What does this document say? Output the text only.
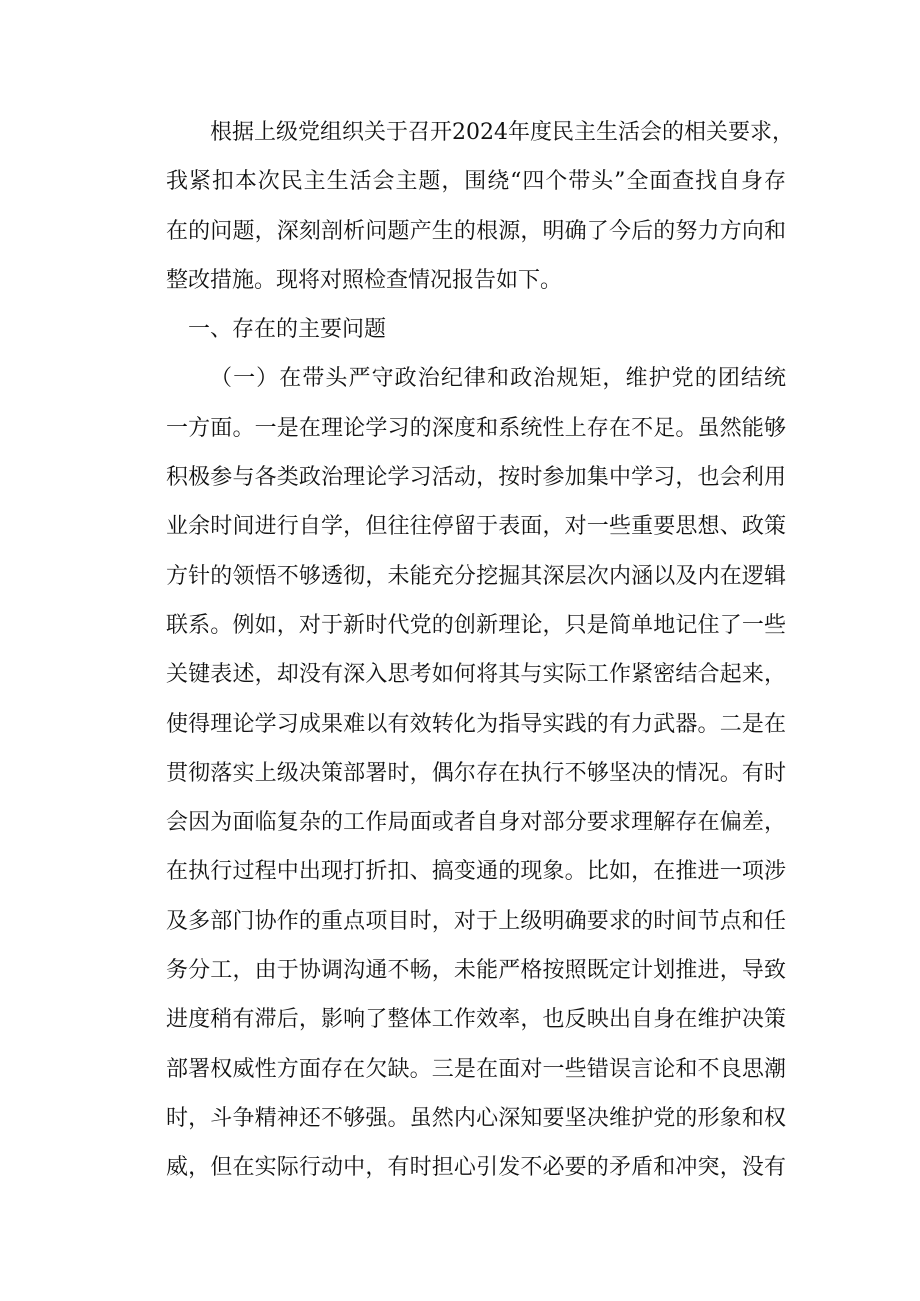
根据上级党组织关于召开2024年度民主生活会的相关要求，
我紧扣本次民主生活会主题，围绕“四个带头”全面查找自身存
在的问题，深刻剖析问题产生的根源，明确了今后的努力方向和
整改措施。现将对照检查情况报告如下。
一、存在的主要问题
（一）在带头严守政治纪律和政治规矩，维护党的团结统
一方面。一是在理论学习的深度和系统性上存在不足。虽然能够
积极参与各类政治理论学习活动，按时参加集中学习，也会利用
业余时间进行自学，但往往停留于表面，对一些重要思想、政策
方针的领悟不够透彻，未能充分挖掘其深层次内涵以及内在逻辑
联系。例如，对于新时代党的创新理论，只是简单地记住了一些
关键表述，却没有深入思考如何将其与实际工作紧密结合起来，
使得理论学习成果难以有效转化为指导实践的有力武器。二是在
贯彻落实上级决策部署时，偶尔存在执行不够坚决的情况。有时
会因为面临复杂的工作局面或者自身对部分要求理解存在偏差，
在执行过程中出现打折扣、搞变通的现象。比如，在推进一项涉
及多部门协作的重点项目时，对于上级明确要求的时间节点和任
务分工，由于协调沟通不畅，未能严格按照既定计划推进，导致
进度稍有滞后，影响了整体工作效率，也反映出自身在维护决策
部署权威性方面存在欠缺。三是在面对一些错误言论和不良思潮
时，斗争精神还不够强。虽然内心深知要坚决维护党的形象和权
威，但在实际行动中，有时担心引发不必要的矛盾和冲突，没有
